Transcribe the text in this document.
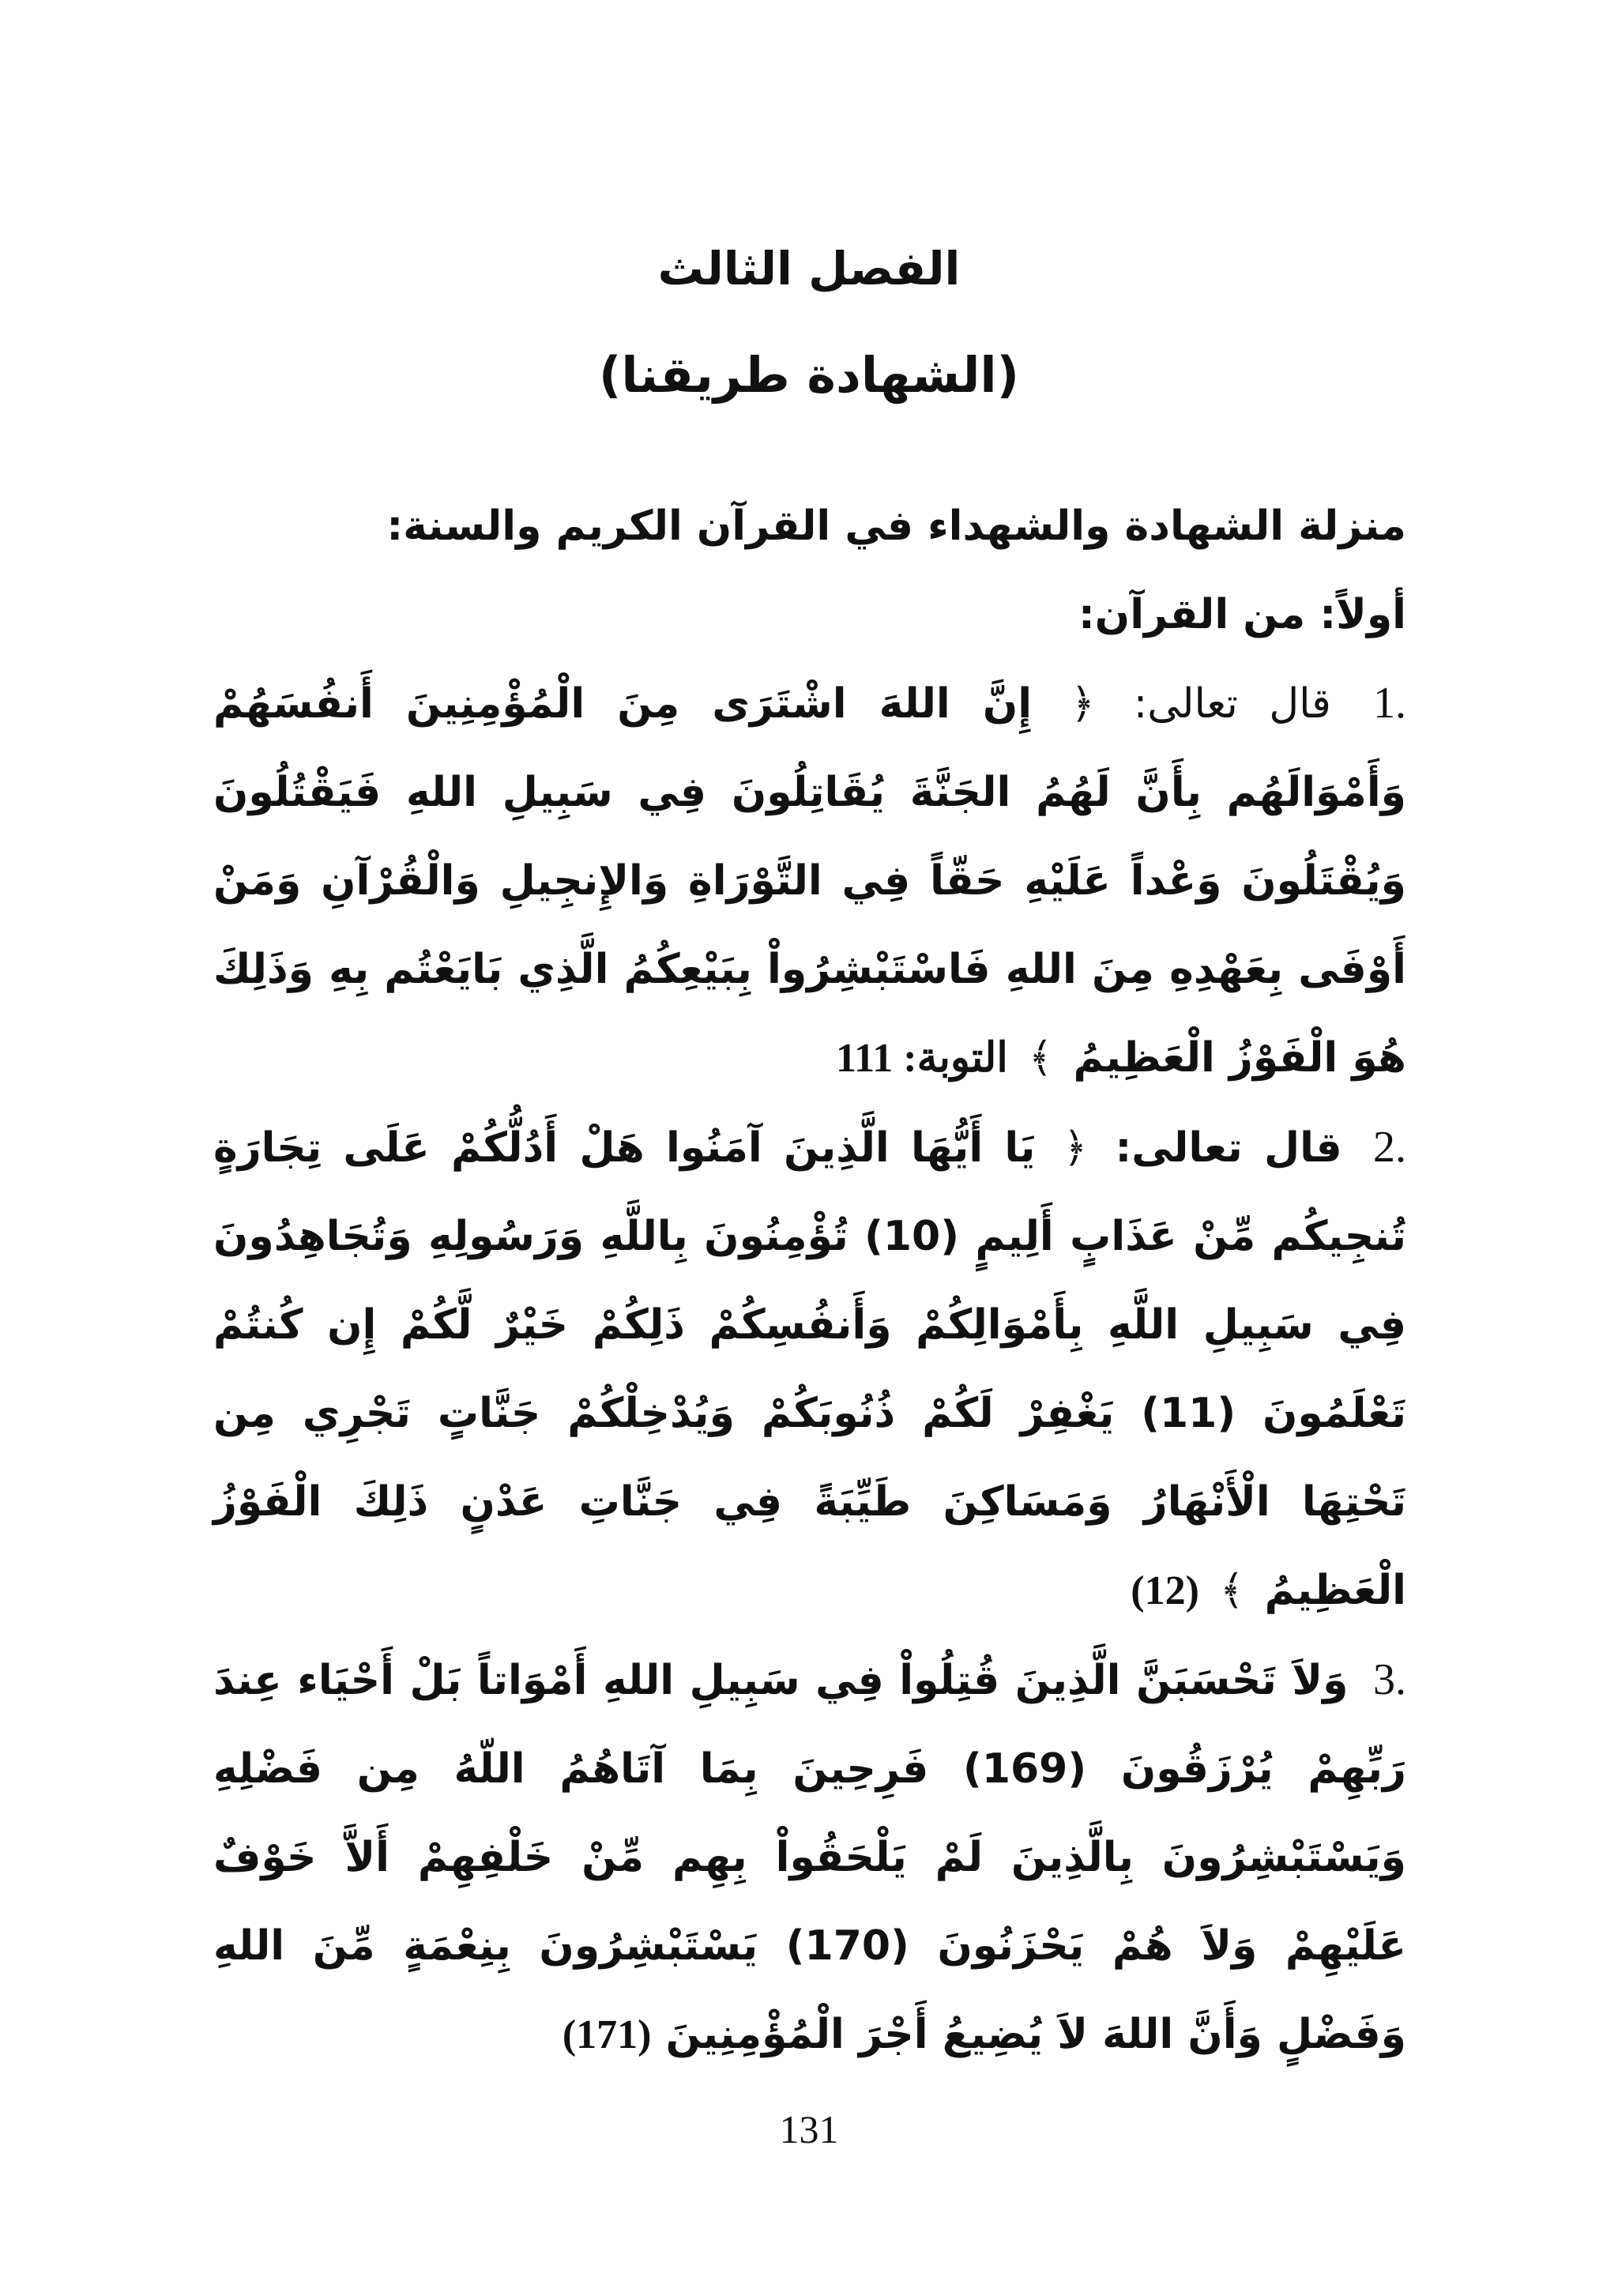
الفصل الثالث
(الشهادة طريقنا)

منزلة الشهادة والشهداء في القرآن الكريم والسنة:

أولاً: من القرآن:

.1 قال تعالى: ﴿ إِنَّ اللهَ اشْتَرَى مِنَ الْمُؤْمِنِينَ أَنفُسَهُمْ وَأَمْوَالَهُم بِأَنَّ لَهُمُ الجَنَّةَ يُقَاتِلُونَ فِي سَبِيلِ اللهِ فَيَقْتُلُونَ وَيُقْتَلُونَ وَعْداً عَلَيْهِ حَقّاً فِي التَّوْرَاةِ وَالإِنجِيلِ وَالْقُرْآنِ وَمَنْ أَوْفَى بِعَهْدِهِ مِنَ اللهِ فَاسْتَبْشِرُواْ بِبَيْعِكُمُ الَّذِي بَايَعْتُم بِهِ وَذَلِكَ هُوَ الْفَوْزُ الْعَظِيمُ ﴾ التوبة: 111

.2 قال تعالى: ﴿ يَا أَيُّهَا الَّذِينَ آمَنُوا هَلْ أَدُلُّكُمْ عَلَى تِجَارَةٍ تُنجِيكُم مِّنْ عَذَابٍ أَلِيمٍ (10) تُؤْمِنُونَ بِاللَّهِ وَرَسُولِهِ وَتُجَاهِدُونَ فِي سَبِيلِ اللَّهِ بِأَمْوَالِكُمْ وَأَنفُسِكُمْ ذَلِكُمْ خَيْرٌ لَّكُمْ إِن كُنتُمْ تَعْلَمُونَ (11) يَغْفِرْ لَكُمْ ذُنُوبَكُمْ وَيُدْخِلْكُمْ جَنَّاتٍ تَجْرِي مِن تَحْتِهَا الْأَنْهَارُ وَمَسَاكِنَ طَيِّبَةً فِي جَنَّاتِ عَدْنٍ ذَلِكَ الْفَوْزُ الْعَظِيمُ ﴾ (12)

.3 وَلاَ تَحْسَبَنَّ الَّذِينَ قُتِلُواْ فِي سَبِيلِ اللهِ أَمْوَاتاً بَلْ أَحْيَاء عِندَ رَبِّهِمْ يُرْزَقُونَ (169) فَرِحِينَ بِمَا آتَاهُمُ اللّهُ مِن فَضْلِهِ وَيَسْتَبْشِرُونَ بِالَّذِينَ لَمْ يَلْحَقُواْ بِهِم مِّنْ خَلْفِهِمْ أَلاَّ خَوْفٌ عَلَيْهِمْ وَلاَ هُمْ يَحْزَنُونَ (170) يَسْتَبْشِرُونَ بِنِعْمَةٍ مِّنَ اللهِ وَفَضْلٍ وَأَنَّ اللهَ لاَ يُضِيعُ أَجْرَ الْمُؤْمِنِينَ (171)

131
